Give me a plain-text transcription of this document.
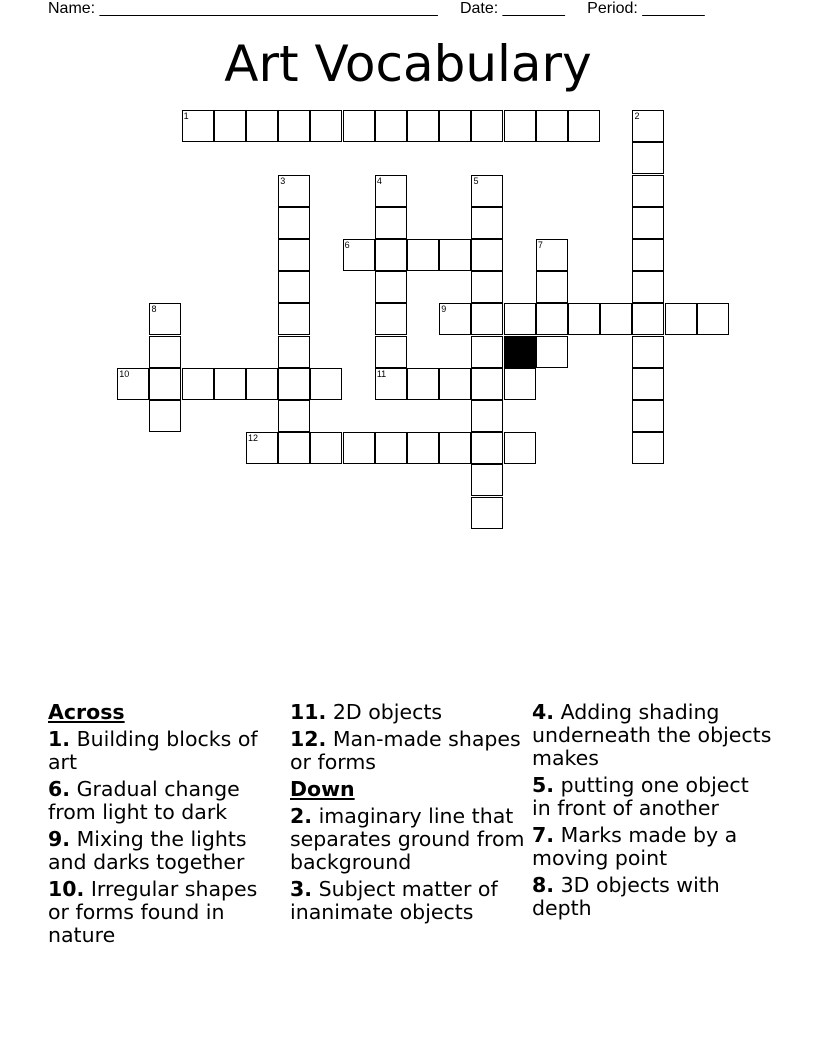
Name: ______________________________________ Date: _______ Period: _______
Art Vocabulary
1
6
9
10	11
12
2
3	4	5
7
8
Across
1. Building blocks of art
6. Gradual change from light to dark
9. Mixing the lights and darks together
10. Irregular shapes or forms found in nature
11. 2D objects
12. Man-made shapes or forms
Down
2. imaginary line that separates ground from background
3. Subject matter of inanimate objects
4. Adding shading underneath the objects makes
5. putting one object in front of another
7. Marks made by a moving point
8. 3D objects with depth
